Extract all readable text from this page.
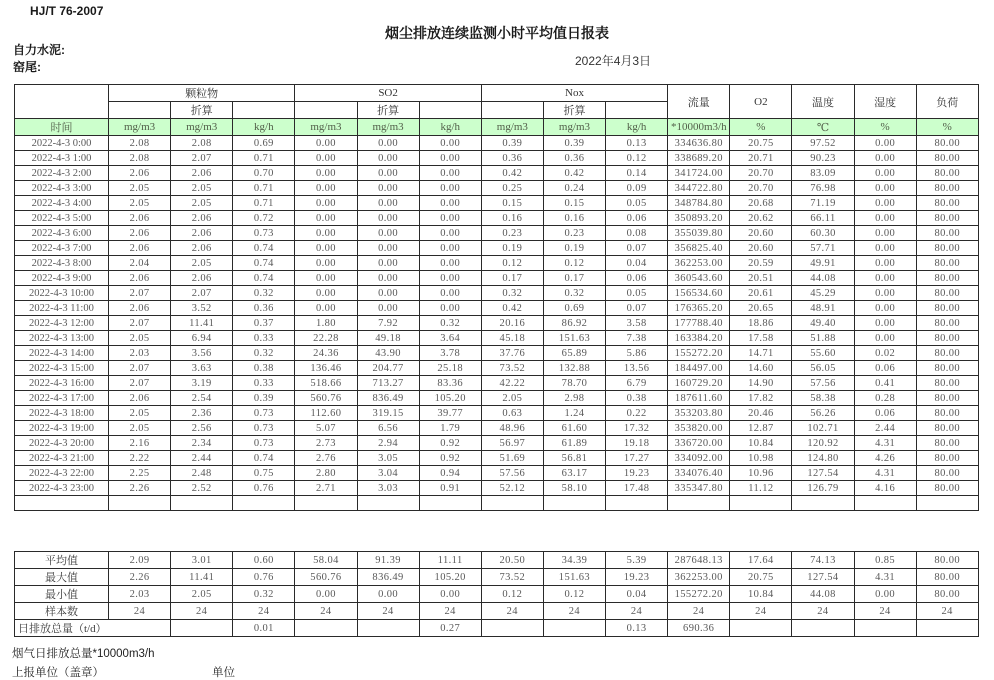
HJ/T 76-2007
烟尘排放连续监测小时平均值日报表
自力水泥:
窑尾:	2022年4月3日
	颗粒物			SO2			Nox			流量	O2	温度	湿度	负荷
		折算			折算			折算						
时间	mg/m3	mg/m3	kg/h	mg/m3	mg/m3	kg/h	mg/m3	mg/m3	kg/h	*10000m3/h	%	℃	%	%
2022-4-3 0:00	2.08	2.08	0.69	0.00	0.00	0.00	0.39	0.39	0.13	334636.80	20.75	97.52	0.00	80.00
2022-4-3 1:00	2.08	2.07	0.71	0.00	0.00	0.00	0.36	0.36	0.12	338689.20	20.71	90.23	0.00	80.00
2022-4-3 2:00	2.06	2.06	0.70	0.00	0.00	0.00	0.42	0.42	0.14	341724.00	20.70	83.09	0.00	80.00
2022-4-3 3:00	2.05	2.05	0.71	0.00	0.00	0.00	0.25	0.24	0.09	344722.80	20.70	76.98	0.00	80.00
2022-4-3 4:00	2.05	2.05	0.71	0.00	0.00	0.00	0.15	0.15	0.05	348784.80	20.68	71.19	0.00	80.00
2022-4-3 5:00	2.06	2.06	0.72	0.00	0.00	0.00	0.16	0.16	0.06	350893.20	20.62	66.11	0.00	80.00
2022-4-3 6:00	2.06	2.06	0.73	0.00	0.00	0.00	0.23	0.23	0.08	355039.80	20.60	60.30	0.00	80.00
2022-4-3 7:00	2.06	2.06	0.74	0.00	0.00	0.00	0.19	0.19	0.07	356825.40	20.60	57.71	0.00	80.00
2022-4-3 8:00	2.04	2.05	0.74	0.00	0.00	0.00	0.12	0.12	0.04	362253.00	20.59	49.91	0.00	80.00
2022-4-3 9:00	2.06	2.06	0.74	0.00	0.00	0.00	0.17	0.17	0.06	360543.60	20.51	44.08	0.00	80.00
2022-4-3 10:00	2.07	2.07	0.32	0.00	0.00	0.00	0.32	0.32	0.05	156534.60	20.61	45.29	0.00	80.00
2022-4-3 11:00	2.06	3.52	0.36	0.00	0.00	0.00	0.42	0.69	0.07	176365.20	20.65	48.91	0.00	80.00
2022-4-3 12:00	2.07	11.41	0.37	1.80	7.92	0.32	20.16	86.92	3.58	177788.40	18.86	49.40	0.00	80.00
2022-4-3 13:00	2.05	6.94	0.33	22.28	49.18	3.64	45.18	151.63	7.38	163384.20	17.58	51.88	0.00	80.00
2022-4-3 14:00	2.03	3.56	0.32	24.36	43.90	3.78	37.76	65.89	5.86	155272.20	14.71	55.60	0.02	80.00
2022-4-3 15:00	2.07	3.63	0.38	136.46	204.77	25.18	73.52	132.88	13.56	184497.00	14.60	56.05	0.06	80.00
2022-4-3 16:00	2.07	3.19	0.33	518.66	713.27	83.36	42.22	78.70	6.79	160729.20	14.90	57.56	0.41	80.00
2022-4-3 17:00	2.06	2.54	0.39	560.76	836.49	105.20	2.05	2.98	0.38	187611.60	17.82	58.38	0.28	80.00
2022-4-3 18:00	2.05	2.36	0.73	112.60	319.15	39.77	0.63	1.24	0.22	353203.80	20.46	56.26	0.06	80.00
2022-4-3 19:00	2.05	2.56	0.73	5.07	6.56	1.79	48.96	61.60	17.32	353820.00	12.87	102.71	2.44	80.00
2022-4-3 20:00	2.16	2.34	0.73	2.73	2.94	0.92	56.97	61.89	19.18	336720.00	10.84	120.92	4.31	80.00
2022-4-3 21:00	2.22	2.44	0.74	2.76	3.05	0.92	51.69	56.81	17.27	334092.00	10.98	124.80	4.26	80.00
2022-4-3 22:00	2.25	2.48	0.75	2.80	3.04	0.94	57.56	63.17	19.23	334076.40	10.96	127.54	4.31	80.00
2022-4-3 23:00	2.26	2.52	0.76	2.71	3.03	0.91	52.12	58.10	17.48	335347.80	11.12	126.79	4.16	80.00

平均值	2.09	3.01	0.60	58.04	91.39	11.11	20.50	34.39	5.39	287648.13	17.64	74.13	0.85	80.00
最大值	2.26	11.41	0.76	560.76	836.49	105.20	73.52	151.63	19.23	362253.00	20.75	127.54	4.31	80.00
最小值	2.03	2.05	0.32	0.00	0.00	0.00	0.12	0.12	0.04	155272.20	10.84	44.08	0.00	80.00
样本数	24	24	24	24	24	24	24	24	24	24	24	24	24	24
日排放总量（t/d）			0.01			0.27			0.13	690.36				
烟气日排放总量*10000m3/h
上报单位（盖章）	单位
